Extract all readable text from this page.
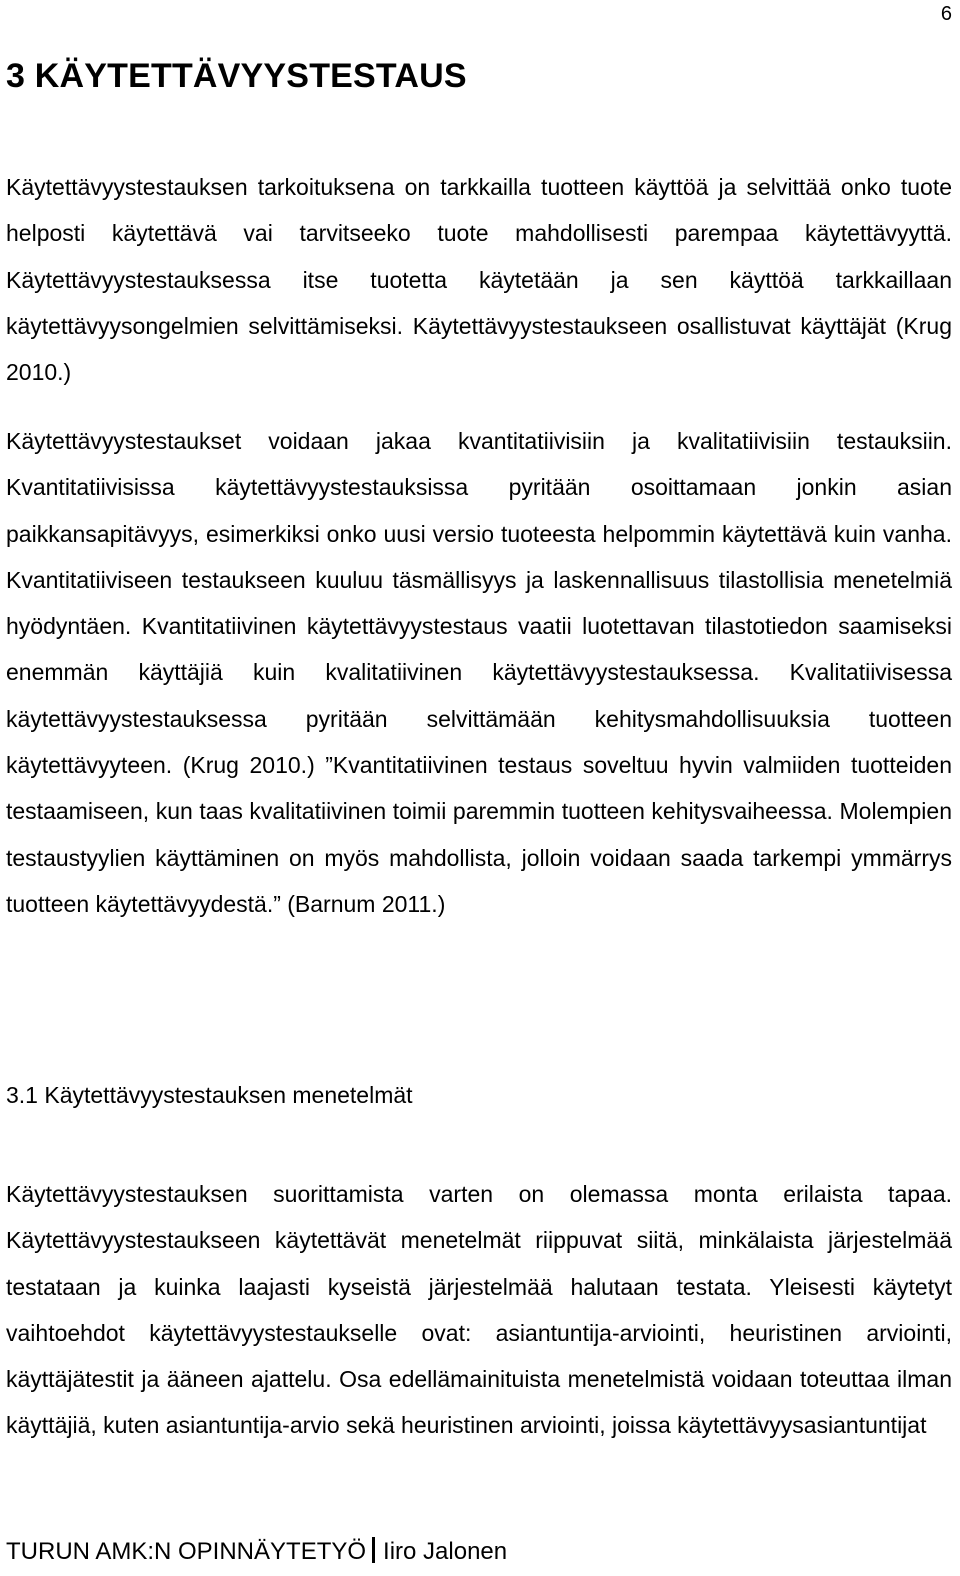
6
3 KÄYTETTÄVYYSTESTAUS

Käytettävyystestauksen tarkoituksena on tarkkailla tuotteen käyttöä ja selvittää onko tuote helposti käytettävä vai tarvitseeko tuote mahdollisesti parempaa käytettävyyttä. Käytettävyystestauksessa itse tuotetta käytetään ja sen käyttöä tarkkaillaan käytettävyysongelmien selvittämiseksi. Käytettävyystestaukseen osallistuvat käyttäjät (Krug 2010.)

Käytettävyystestaukset voidaan jakaa kvantitatiivisiin ja kvalitatiivisiin testauksiin. Kvantitatiivisissa käytettävyystestauksissa pyritään osoittamaan jonkin asian paikkansapitävyys, esimerkiksi onko uusi versio tuoteesta helpommin käytettävä kuin vanha. Kvantitatiiviseen testaukseen kuuluu täsmällisyys ja laskennallisuus tilastollisia menetelmiä hyödyntäen. Kvantitatiivinen käytettävyystestaus vaatii luotettavan tilastotiedon saamiseksi enemmän käyttäjiä kuin kvalitatiivinen käytettävyystestauksessa. Kvalitatiivisessa käytettävyystestauksessa pyritään selvittämään kehitysmahdollisuuksia tuotteen käytettävyyteen. (Krug 2010.) ”Kvantitatiivinen testaus soveltuu hyvin valmiiden tuotteiden testaamiseen, kun taas kvalitatiivinen toimii paremmin tuotteen kehitysvaiheessa. Molempien testaustyylien käyttäminen on myös mahdollista, jolloin voidaan saada tarkempi ymmärrys tuotteen käytettävyydestä.” (Barnum 2011.)

3.1 Käytettävyystestauksen menetelmät

Käytettävyystestauksen suorittamista varten on olemassa monta erilaista tapaa. Käytettävyystestaukseen käytettävät menetelmät riippuvat siitä, minkälaista järjestelmää testataan ja kuinka laajasti kyseistä järjestelmää halutaan testata. Yleisesti käytetyt vaihtoehdot käytettävyystestaukselle ovat: asiantuntija-arviointi, heuristinen arviointi, käyttäjätestit ja ääneen ajattelu. Osa edellämainituista menetelmistä voidaan toteuttaa ilman käyttäjiä, kuten asiantuntija-arvio sekä heuristinen arviointi, joissa käytettävyysasiantuntijat

TURUN AMK:N OPINNÄYTETYÖ Iiro Jalonen
